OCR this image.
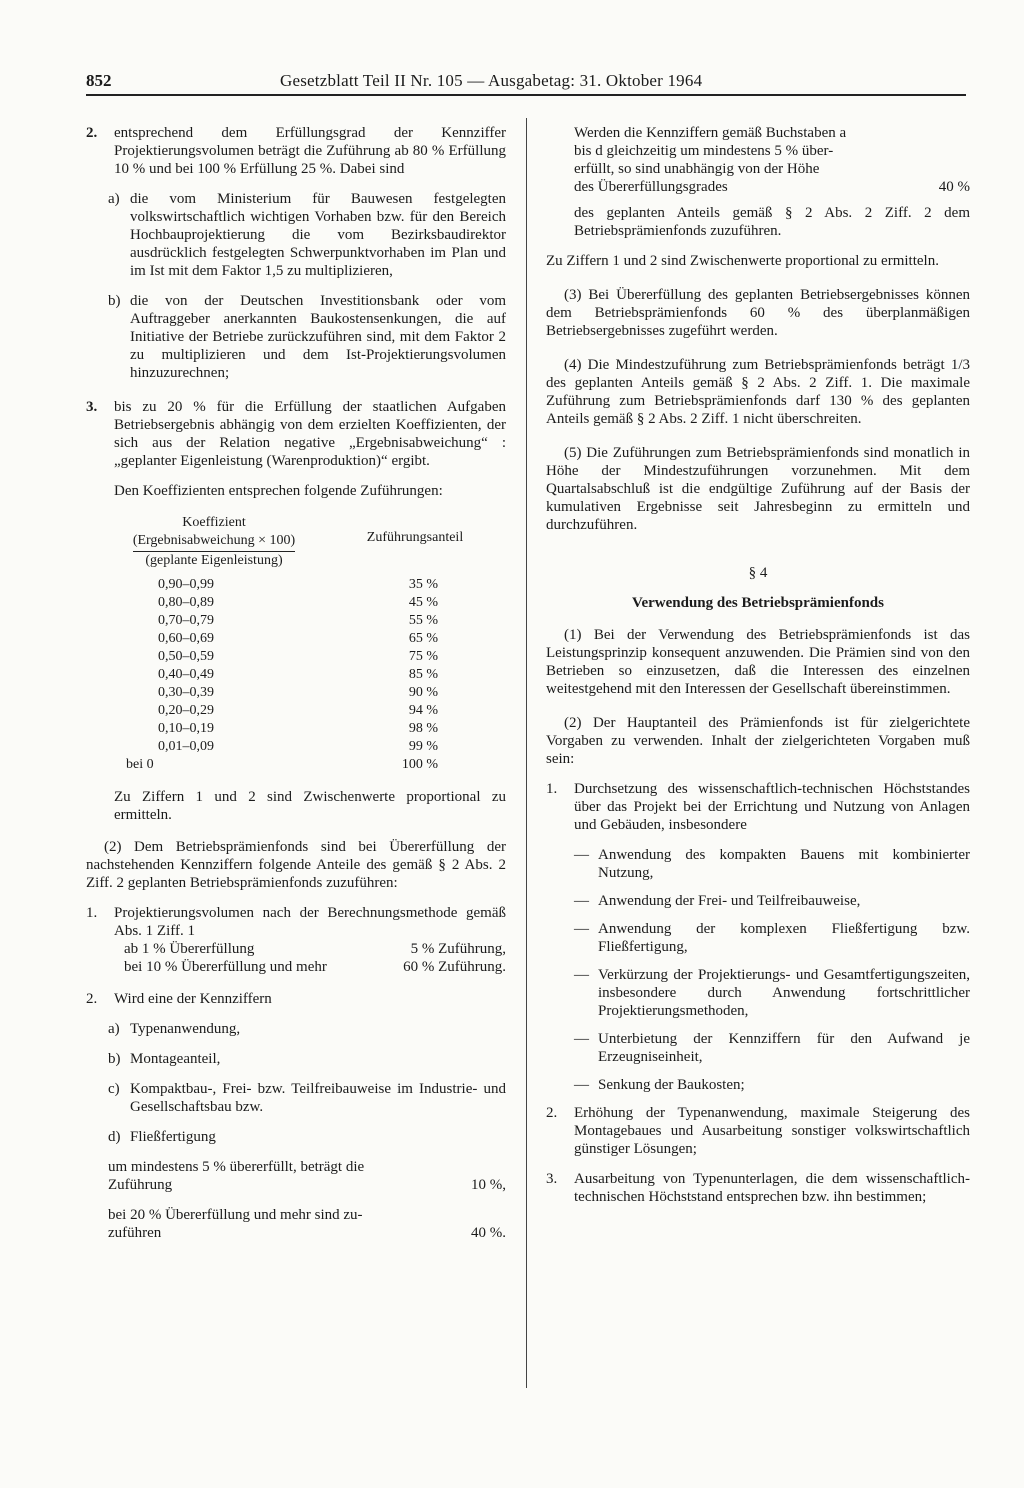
852	Gesetzblatt Teil II Nr. 105 — Ausgabetag: 31. Oktober 1964
2. entsprechend dem Erfüllungsgrad der Kennziffer Projektierungsvolumen beträgt die Zuführung ab 80 % Erfüllung 10 % und bei 100 % Erfüllung 25 %. Dabei sind
a) die vom Ministerium für Bauwesen festgelegten volkswirtschaftlich wichtigen Vorhaben bzw. für den Bereich Hochbauprojektierung die vom Bezirksbaudirektor ausdrücklich festgelegten Schwerpunktvorhaben im Plan und im Ist mit dem Faktor 1,5 zu multiplizieren,
b) die von der Deutschen Investitionsbank oder vom Auftraggeber anerkannten Baukostensenkungen, die auf Initiative der Betriebe zurückzuführen sind, mit dem Faktor 2 zu multiplizieren und dem Ist-Projektierungsvolumen hinzuzurechnen;
3. bis zu 20 % für die Erfüllung der staatlichen Aufgaben Betriebsergebnis abhängig von dem erzielten Koeffizienten, der sich aus der Relation negative „Ergebnisabweichung“ : „geplanter Eigenleistung (Warenproduktion)“ ergibt.

Den Koeffizienten entsprechen folgende Zuführungen:

Koeffizient
$\frac{\text{(Ergebnisabweichung × 100)}}{\text{(geplante Eigenleistung)}}$	Zuführungsanteil

0,90–0,99	35 %
0,80–0,89	45 %
0,70–0,79	55 %
0,60–0,69	65 %
0,50–0,59	75 %
0,40–0,49	85 %
0,30–0,39	90 %
0,20–0,29	94 %
0,10–0,19	98 %
0,01–0,09	99 %
bei 0	100 %

Zu Ziffern 1 und 2 sind Zwischenwerte proportional zu ermitteln.

(2) Dem Betriebsprämienfonds sind bei Übererfüllung der nachstehenden Kennziffern folgende Anteile des gemäß § 2 Abs. 2 Ziff. 2 geplanten Betriebsprämienfonds zuzuführen:

1. Projektierungsvolumen nach der Berechnungsmethode gemäß Abs. 1 Ziff. 1
ab 1 % Übererfüllung	5 % Zuführung,
bei 10 % Übererfüllung und mehr	60 % Zuführung.
2. Wird eine der Kennziffern
a) Typenanwendung,
b) Montageanteil,
c) Kompaktbau-, Frei- bzw. Teilfreibauweise im Industrie- und Gesellschaftsbau bzw.
d) Fließfertigung
um mindestens 5 % übererfüllt, beträgt die
Zuführung	10 %,
bei 20 % Übererfüllung und mehr sind zu-
zuführen	40 %.
Werden die Kennziffern gemäß Buchstaben a
bis d gleichzeitig um mindestens 5 % über-
erfüllt, so sind unabhängig von der Höhe
des Übererfüllungsgrades	40 %

des geplanten Anteils gemäß § 2 Abs. 2 Ziff. 2 dem Betriebsprämienfonds zuzuführen.

Zu Ziffern 1 und 2 sind Zwischenwerte proportional zu ermitteln.

(3) Bei Übererfüllung des geplanten Betriebsergebnisses können dem Betriebsprämienfonds 60 % des überplanmäßigen Betriebsergebnisses zugeführt werden.

(4) Die Mindestzuführung zum Betriebsprämienfonds beträgt 1/3 des geplanten Anteils gemäß § 2 Abs. 2 Ziff. 1. Die maximale Zuführung zum Betriebsprämienfonds darf 130 % des geplanten Anteils gemäß § 2 Abs. 2 Ziff. 1 nicht überschreiten.

(5) Die Zuführungen zum Betriebsprämienfonds sind monatlich in Höhe der Mindestzuführungen vorzunehmen. Mit dem Quartalsabschluß ist die endgültige Zuführung auf der Basis der kumulativen Ergebnisse seit Jahresbeginn zu ermitteln und durchzuführen.

§ 4

Verwendung des Betriebsprämienfonds

(1) Bei der Verwendung des Betriebsprämienfonds ist das Leistungsprinzip konsequent anzuwenden. Die Prämien sind von den Betrieben so einzusetzen, daß die Interessen des einzelnen weitestgehend mit den Interessen der Gesellschaft übereinstimmen.

(2) Der Hauptanteil des Prämienfonds ist für zielgerichtete Vorgaben zu verwenden. Inhalt der zielgerichteten Vorgaben muß sein:

1. Durchsetzung des wissenschaftlich-technischen Höchststandes über das Projekt bei der Errichtung und Nutzung von Anlagen und Gebäuden, insbesondere
— Anwendung des kompakten Bauens mit kombinierter Nutzung,
— Anwendung der Frei- und Teilfreibauweise,
— Anwendung der komplexen Fließfertigung bzw. Fließfertigung,
— Verkürzung der Projektierungs- und Gesamtfertigungszeiten, insbesondere durch Anwendung fortschrittlicher Projektierungsmethoden,
— Unterbietung der Kennziffern für den Aufwand je Erzeugniseinheit,
— Senkung der Baukosten;
2. Erhöhung der Typenanwendung, maximale Steigerung des Montagebaues und Ausarbeitung sonstiger volkswirtschaftlich günstiger Lösungen;
3. Ausarbeitung von Typenunterlagen, die dem wissenschaftlich-technischen Höchststand entsprechen bzw. ihn bestimmen;
